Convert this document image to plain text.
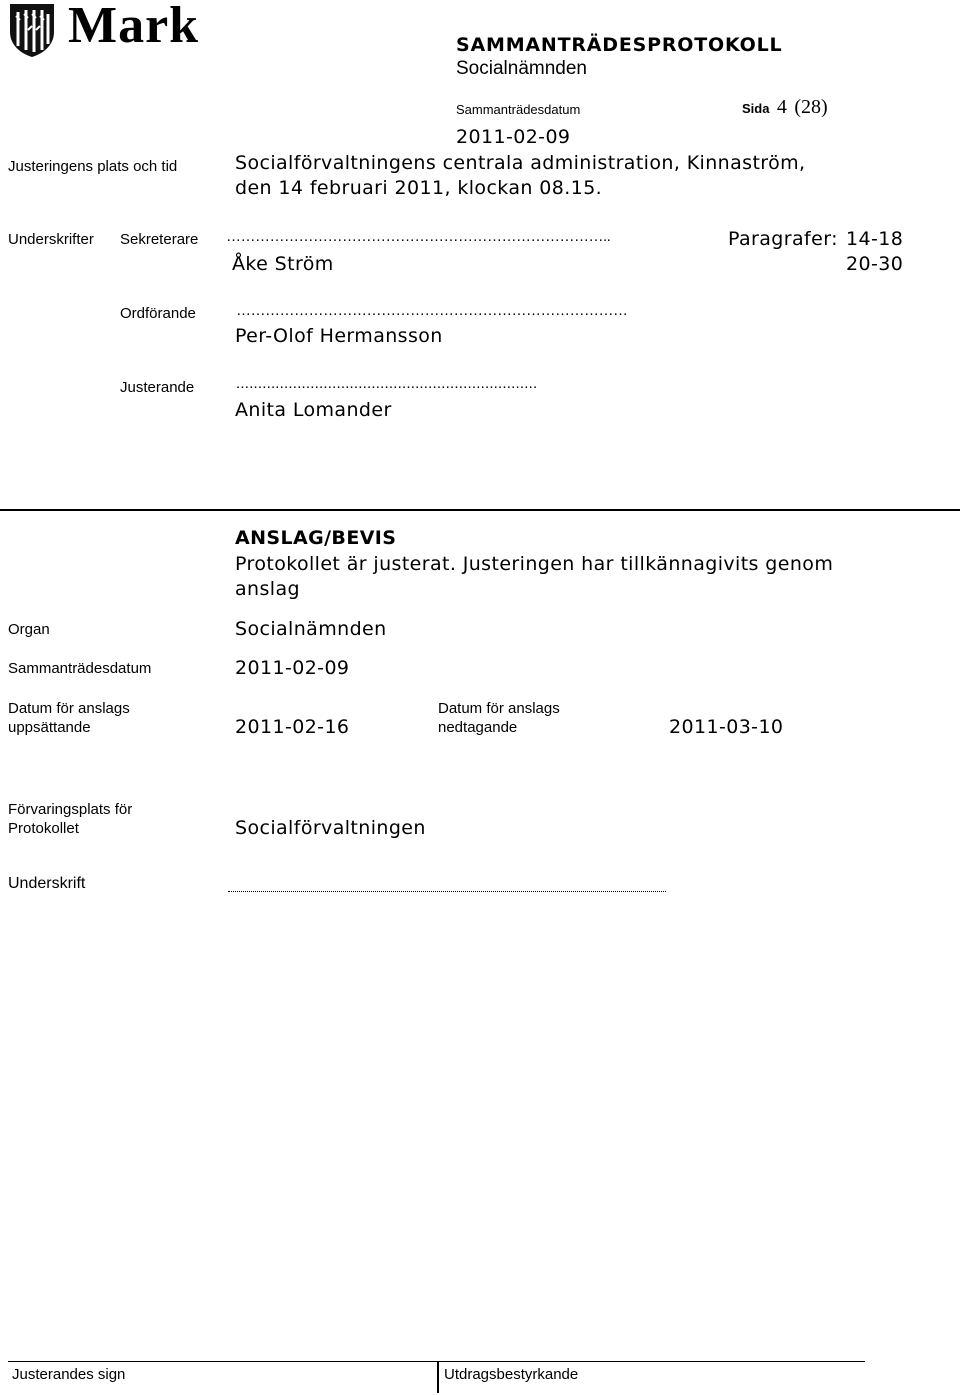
Mark	SAMMANTRÄDESPROTOKOLL
Socialnämnden
Sammanträdesdatum	Sida 4 (28)
2011-02-09
Justeringens plats och tid	Socialförvaltningens centrala administration, Kinnaström,
den 14 februari 2011, klockan 08.15.
Underskrifter Sekreterare ……………………………………………………………………..	Paragrafer: 14-18
20-30
Åke Ström
Ordförande	………………………………………………………………………
Per-Olof Hermansson
Justerande	.....................................................................
Anita Lomander
ANSLAG/BEVIS
Protokollet är justerat. Justeringen har tillkännagivits genom
anslag
Organ	Socialnämnden
Sammanträdesdatum	2011-02-09
Datum för anslags
uppsättande	2011-02-16
Datum för anslags
nedtagande	2011-03-10
Förvaringsplats för
Protokollet	Socialförvaltningen
Underskrift
Justerandes sign	Utdragsbestyrkande
